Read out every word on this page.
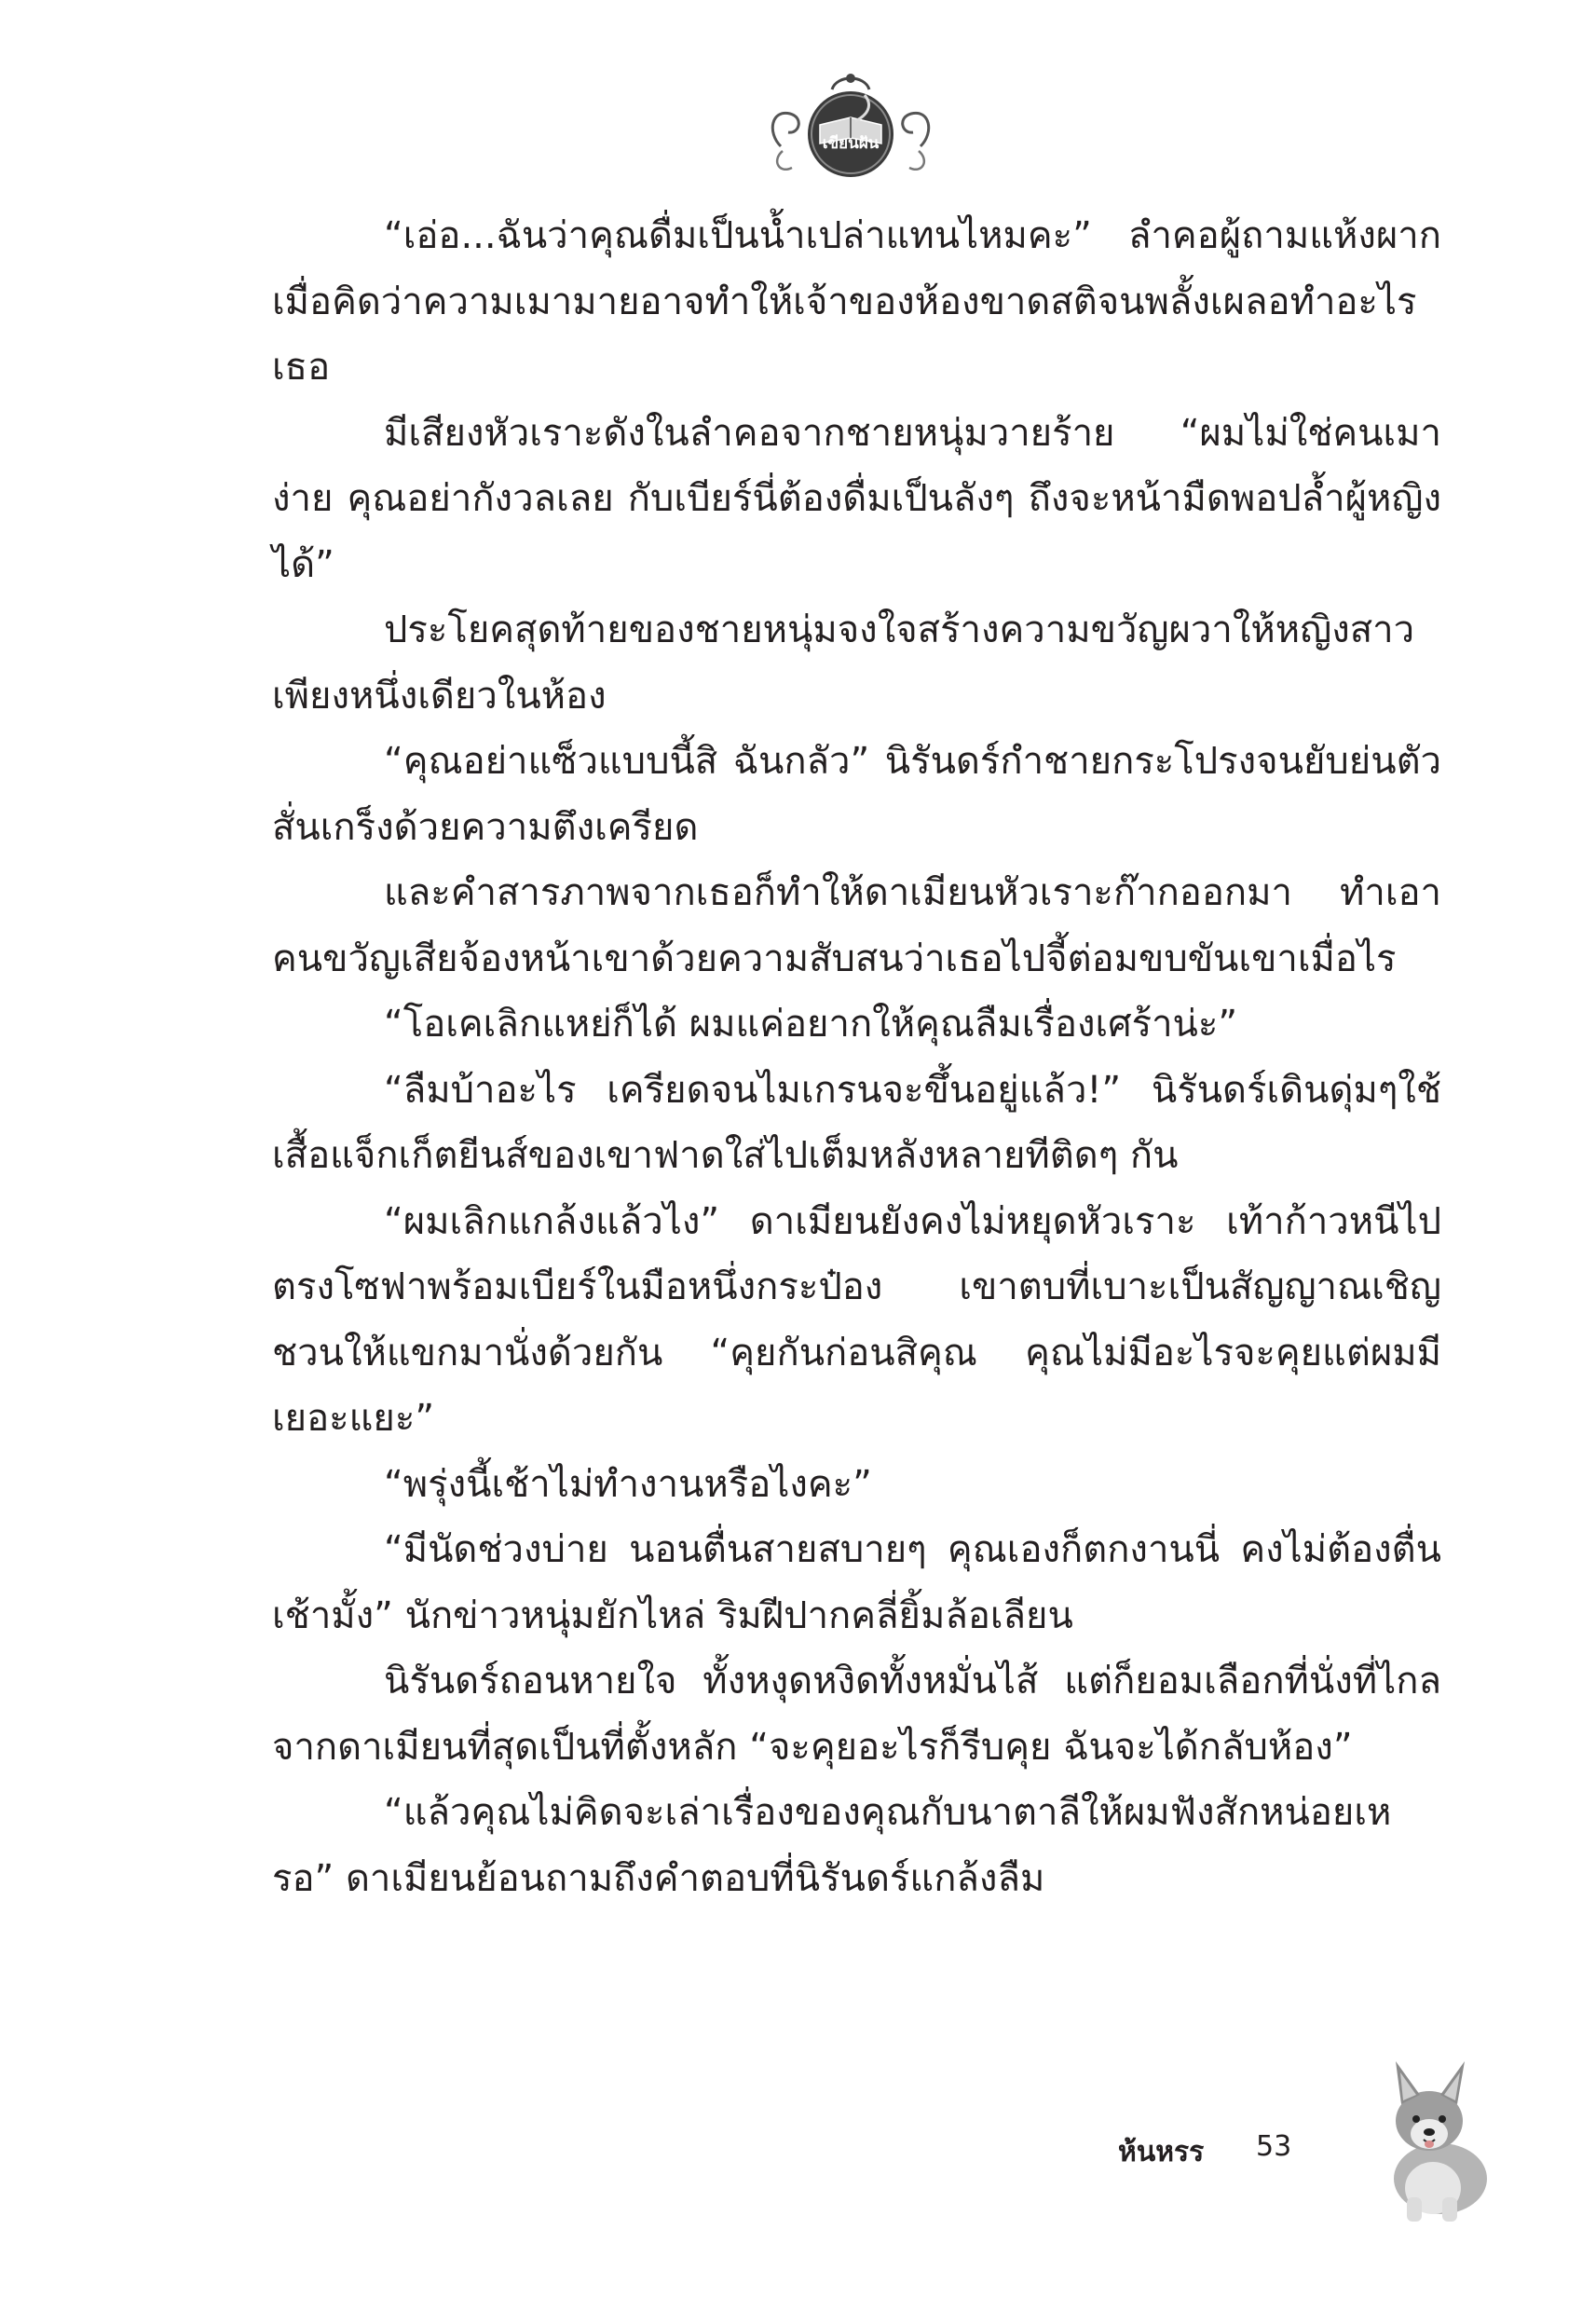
เขียนฝัน

“เอ่อ...ฉันว่าคุณดื่มเป็นน้ำเปล่าแทนไหมคะ” ลำคอผู้ถามแห้งผากเมื่อคิดว่าความเมามายอาจทำให้เจ้าของห้องขาดสติจนพลั้งเผลอทำอะไรเธอ

มีเสียงหัวเราะดังในลำคอจากชายหนุ่มวายร้าย “ผมไม่ใช่คนเมาง่าย คุณอย่ากังวลเลย กับเบียร์นี่ต้องดื่มเป็นลังๆ ถึงจะหน้ามืดพอปล้ำผู้หญิงได้”

ประโยคสุดท้ายของชายหนุ่มจงใจสร้างความขวัญผวาให้หญิงสาวเพียงหนึ่งเดียวในห้อง

“คุณอย่าแซ็วแบบนี้สิ ฉันกลัว” นิรันดร์กำชายกระโปรงจนยับย่นตัวสั่นเกร็งด้วยความตึงเครียด

และคำสารภาพจากเธอก็ทำให้ดาเมียนหัวเราะก๊ากออกมา ทำเอาคนขวัญเสียจ้องหน้าเขาด้วยความสับสนว่าเธอไปจี้ต่อมขบขันเขาเมื่อไร

“โอเคเลิกแหย่ก็ได้ ผมแค่อยากให้คุณลืมเรื่องเศร้าน่ะ”

“ลืมบ้าอะไร เครียดจนไมเกรนจะขึ้นอยู่แล้ว!” นิรันดร์เดินดุ่มๆใช้เสื้อแจ็กเก็ตยีนส์ของเขาฟาดใส่ไปเต็มหลังหลายทีติดๆ กัน

“ผมเลิกแกล้งแล้วไง” ดาเมียนยังคงไม่หยุดหัวเราะ เท้าก้าวหนีไปตรงโซฟาพร้อมเบียร์ในมือหนึ่งกระป๋อง เขาตบที่เบาะเป็นสัญญาณเชิญชวนให้แขกมานั่งด้วยกัน “คุยกันก่อนสิคุณ คุณไม่มีอะไรจะคุยแต่ผมมีเยอะแยะ”

“พรุ่งนี้เช้าไม่ทำงานหรือไงคะ”

“มีนัดช่วงบ่าย นอนตื่นสายสบายๆ คุณเองก็ตกงานนี่ คงไม่ต้องตื่นเช้ามั้ง” นักข่าวหนุ่มยักไหล่ ริมฝีปากคลี่ยิ้มล้อเลียน

นิรันดร์ถอนหายใจ ทั้งหงุดหงิดทั้งหมั่นไส้ แต่ก็ยอมเลือกที่นั่งที่ไกลจากดาเมียนที่สุดเป็นที่ตั้งหลัก “จะคุยอะไรก็รีบคุย ฉันจะได้กลับห้อง”

“แล้วคุณไม่คิดจะเล่าเรื่องของคุณกับนาตาลีให้ผมฟังสักหน่อยเหรอ” ดาเมียนย้อนถามถึงคำตอบที่นิรันดร์แกล้งลืม

ห้นหรร 53
